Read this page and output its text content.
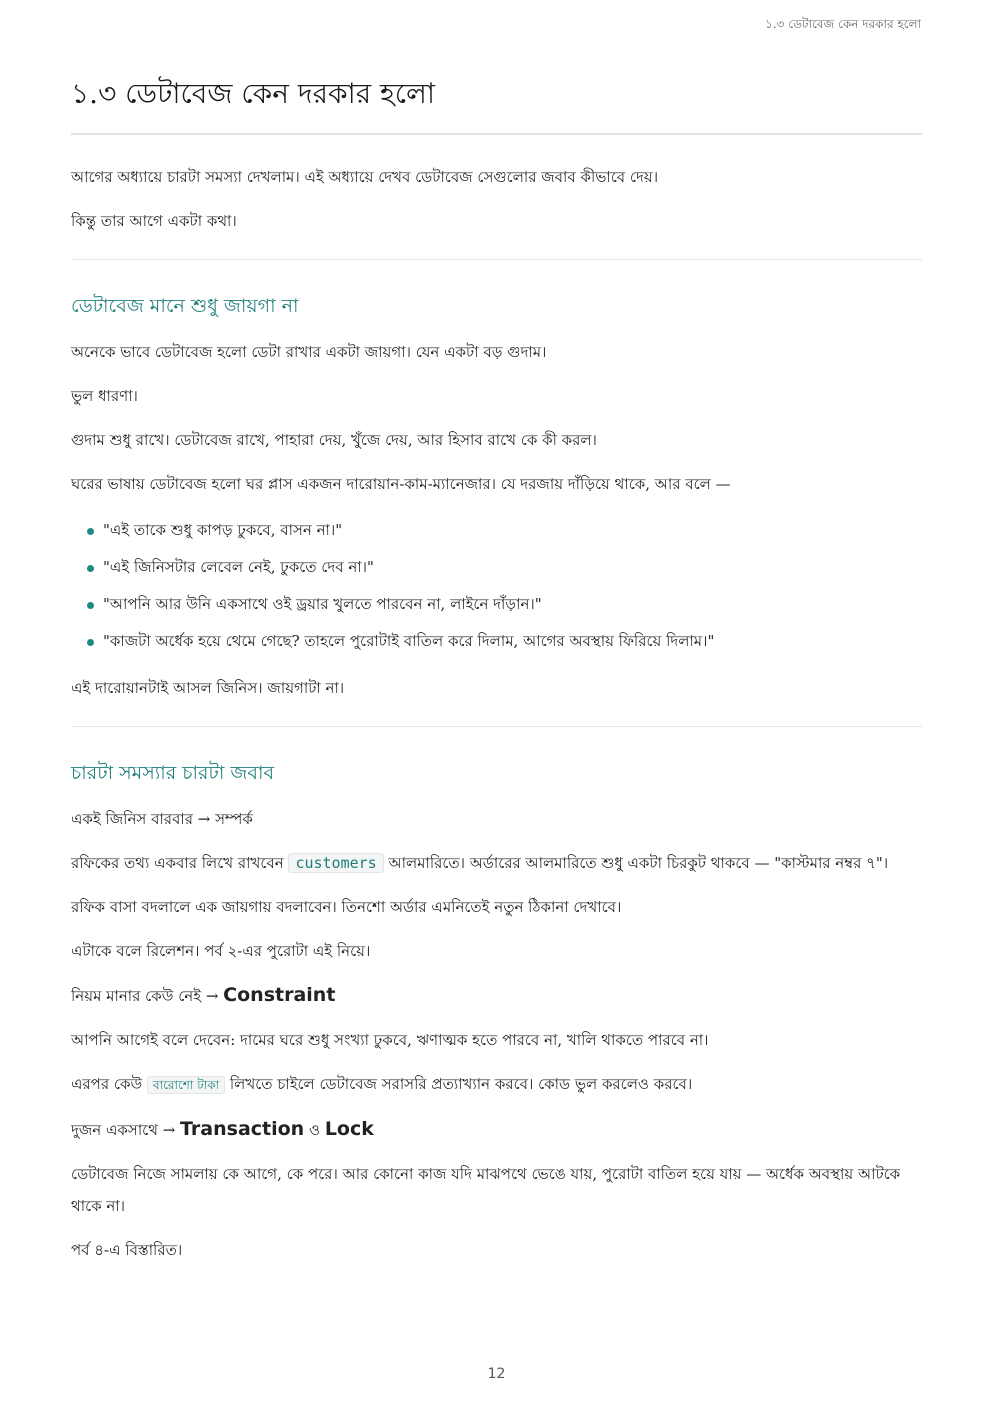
১.৩ ডেটাবেজ কেন দরকার হলো
১.৩ ডেটাবেজ কেন দরকার হলো

আগের অধ্যায়ে চারটা সমস্যা দেখলাম। এই অধ্যায়ে দেখব ডেটাবেজ সেগুলোর জবাব কীভাবে দেয়।

কিন্তু তার আগে একটা কথা।

ডেটাবেজ মানে শুধু জায়গা না

অনেকে ভাবে ডেটাবেজ হলো ডেটা রাখার একটা জায়গা। যেন একটা বড় গুদাম।

ভুল ধারণা।

গুদাম শুধু রাখে। ডেটাবেজ রাখে, পাহারা দেয়, খুঁজে দেয়, আর হিসাব রাখে কে কী করল।

ঘরের ভাষায় ডেটাবেজ হলো ঘর প্লাস একজন দারোয়ান-কাম-ম্যানেজার। যে দরজায় দাঁড়িয়ে থাকে, আর বলে —

"এই তাকে শুধু কাপড় ঢুকবে, বাসন না।"
"এই জিনিসটার লেবেল নেই, ঢুকতে দেব না।"
"আপনি আর উনি একসাথে ওই ড্রয়ার খুলতে পারবেন না, লাইনে দাঁড়ান।"
"কাজটা অর্ধেক হয়ে থেমে গেছে? তাহলে পুরোটাই বাতিল করে দিলাম, আগের অবস্থায় ফিরিয়ে দিলাম।"

এই দারোয়ানটাই আসল জিনিস। জায়গাটা না।

চারটা সমস্যার চারটা জবাব
একই জিনিস বারবার → সম্পর্ক

রফিকের তথ্য একবার লিখে রাখবেন customers আলমারিতে। অর্ডারের আলমারিতে শুধু একটা চিরকুট থাকবে — "কাস্টমার নম্বর ৭"।

রফিক বাসা বদলালে এক জায়গায় বদলাবেন। তিনশো অর্ডার এমনিতেই নতুন ঠিকানা দেখাবে।

এটাকে বলে রিলেশন। পর্ব ২-এর পুরোটা এই নিয়ে।

নিয়ম মানার কেউ নেই → Constraint

আপনি আগেই বলে দেবেন: দামের ঘরে শুধু সংখ্যা ঢুকবে, ঋণাত্মক হতে পারবে না, খালি থাকতে পারবে না।

এরপর কেউ বারোশো টাকা লিখতে চাইলে ডেটাবেজ সরাসরি প্রত্যাখ্যান করবে। কোড ভুল করলেও করবে।

দুজন একসাথে → Transaction ও Lock

ডেটাবেজ নিজে সামলায় কে আগে, কে পরে। আর কোনো কাজ যদি মাঝপথে ভেঙে যায়, পুরোটা বাতিল হয়ে যায় — অর্ধেক অবস্থায় আটকে থাকে না।

পর্ব ৪-এ বিস্তারিত।

12
